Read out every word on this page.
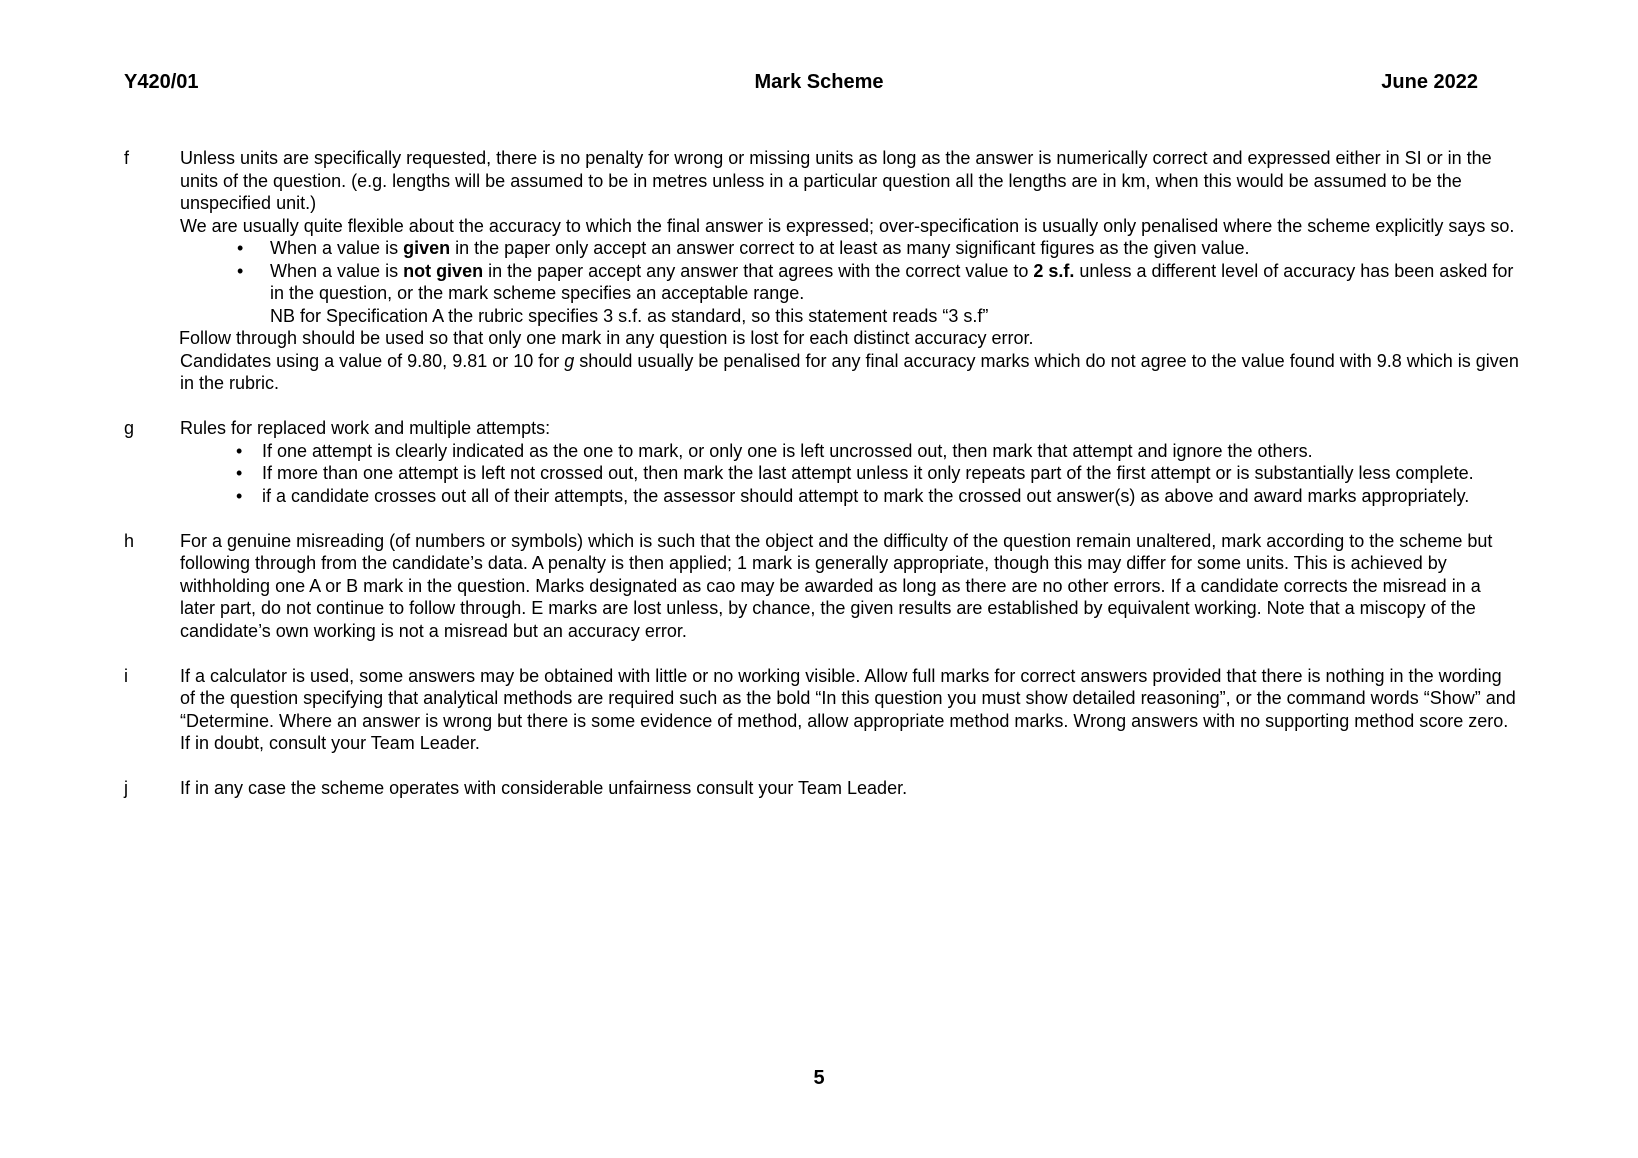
Y420/01	Mark Scheme	June 2022
f	Unless units are specifically requested, there is no penalty for wrong or missing units as long as the answer is numerically correct and expressed either in SI or in the units of the question. (e.g. lengths will be assumed to be in metres unless in a particular question all the lengths are in km, when this would be assumed to be the unspecified unit.)

We are usually quite flexible about the accuracy to which the final answer is expressed; over-specification is usually only penalised where the scheme explicitly says so.

• When a value is given in the paper only accept an answer correct to at least as many significant figures as the given value.
• When a value is not given in the paper accept any answer that agrees with the correct value to 2 s.f. unless a different level of accuracy has been asked for in the question, or the mark scheme specifies an acceptable range.
NB for Specification A the rubric specifies 3 s.f. as standard, so this statement reads “3 s.f”

Follow through should be used so that only one mark in any question is lost for each distinct accuracy error.

Candidates using a value of 9.80, 9.81 or 10 for g should usually be penalised for any final accuracy marks which do not agree to the value found with 9.8 which is given in the rubric.

g	Rules for replaced work and multiple attempts:

• If one attempt is clearly indicated as the one to mark, or only one is left uncrossed out, then mark that attempt and ignore the others.
• If more than one attempt is left not crossed out, then mark the last attempt unless it only repeats part of the first attempt or is substantially less complete.
• if a candidate crosses out all of their attempts, the assessor should attempt to mark the crossed out answer(s) as above and award marks appropriately.
h	For a genuine misreading (of numbers or symbols) which is such that the object and the difficulty of the question remain unaltered, mark according to the scheme but following through from the candidate’s data. A penalty is then applied; 1 mark is generally appropriate, though this may differ for some units. This is achieved by withholding one A or B mark in the question. Marks designated as cao may be awarded as long as there are no other errors. If a candidate corrects the misread in a later part, do not continue to follow through. E marks are lost unless, by chance, the given results are established by equivalent working. Note that a miscopy of the candidate’s own working is not a misread but an accuracy error.
i	If a calculator is used, some answers may be obtained with little or no working visible. Allow full marks for correct answers provided that there is nothing in the wording of the question specifying that analytical methods are required such as the bold “In this question you must show detailed reasoning”, or the command words “Show” and “Determine. Where an answer is wrong but there is some evidence of method, allow appropriate method marks. Wrong answers with no supporting method score zero. If in doubt, consult your Team Leader.
j	If in any case the scheme operates with considerable unfairness consult your Team Leader.
5
